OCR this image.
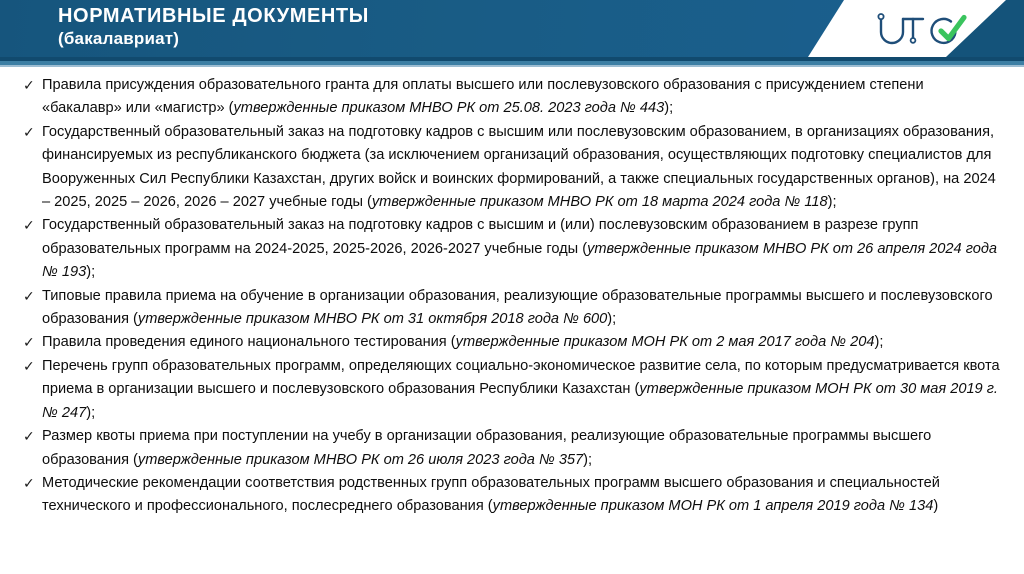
НОРМАТИВНЫЕ ДОКУМЕНТЫ
(бакалавриат)
✓ Правила присуждения образовательного гранта для оплаты высшего или послевузовского образования с присуждением степени «бакалавр» или «магистр» (утвержденные приказом МНВО РК от 25.08. 2023 года № 443);
✓ Государственный образовательный заказ на подготовку кадров с высшим или послевузовским образованием, в организациях образования, финансируемых из республиканского бюджета (за исключением организаций образования, осуществляющих подготовку специалистов для Вооруженных Сил Республики Казахстан, других войск и воинских формирований, а также специальных государственных органов), на 2024 – 2025, 2025 – 2026, 2026 – 2027 учебные годы (утвержденные приказом МНВО РК от 18 марта 2024 года № 118);
✓ Государственный образовательный заказ на подготовку кадров с высшим и (или) послевузовским образованием в разрезе групп образовательных программ на 2024-2025, 2025-2026, 2026-2027 учебные годы (утвержденные приказом МНВО РК от 26 апреля 2024 года № 193);
✓ Типовые правила приема на обучение в организации образования, реализующие образовательные программы высшего и послевузовского образования (утвержденные приказом МНВО РК от 31 октября 2018 года № 600);
✓ Правила проведения единого национального тестирования (утвержденные приказом МОН РК от 2 мая 2017 года № 204);
✓ Перечень групп образовательных программ, определяющих социально-экономическое развитие села, по которым предусматривается квота приема в организации высшего и послевузовского образования Республики Казахстан (утвержденные приказом МОН РК от 30 мая 2019 г. № 247);
✓ Размер квоты приема при поступлении на учебу в организации образования, реализующие образовательные программы высшего образования (утвержденные приказом МНВО РК от 26 июля 2023 года № 357);
✓ Методические рекомендации соответствия родственных групп образовательных программ высшего образования и специальностей технического и профессионального, послесреднего образования (утвержденные приказом МОН РК от 1 апреля 2019 года № 134)
